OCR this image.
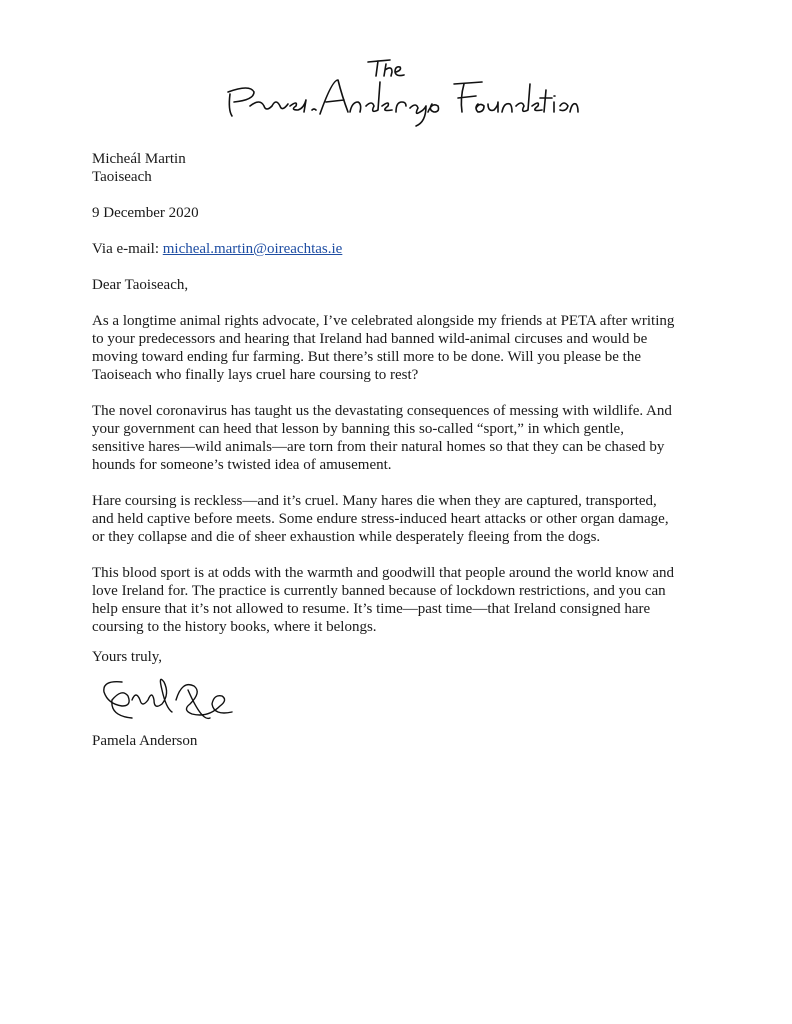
Micheál Martin
Taoiseach
9 December 2020
Via e-mail: micheal.martin@oireachtas.ie
Dear Taoiseach,

As a longtime animal rights advocate, I’ve celebrated alongside my friends at PETA after writing
to your predecessors and hearing that Ireland had banned wild-animal circuses and would be
moving toward ending fur farming. But there’s still more to be done. Will you please be the
Taoiseach who finally lays cruel hare coursing to rest?

The novel coronavirus has taught us the devastating consequences of messing with wildlife. And
your government can heed that lesson by banning this so-called “sport,” in which gentle,
sensitive hares—wild animals—are torn from their natural homes so that they can be chased by
hounds for someone’s twisted idea of amusement.

Hare coursing is reckless—and it’s cruel. Many hares die when they are captured, transported,
and held captive before meets. Some endure stress-induced heart attacks or other organ damage,
or they collapse and die of sheer exhaustion while desperately fleeing from the dogs.

This blood sport is at odds with the warmth and goodwill that people around the world know and
love Ireland for. The practice is currently banned because of lockdown restrictions, and you can
help ensure that it’s not allowed to resume. It’s time—past time—that Ireland consigned hare
coursing to the history books, where it belongs.

Yours truly,
Pamela Anderson
